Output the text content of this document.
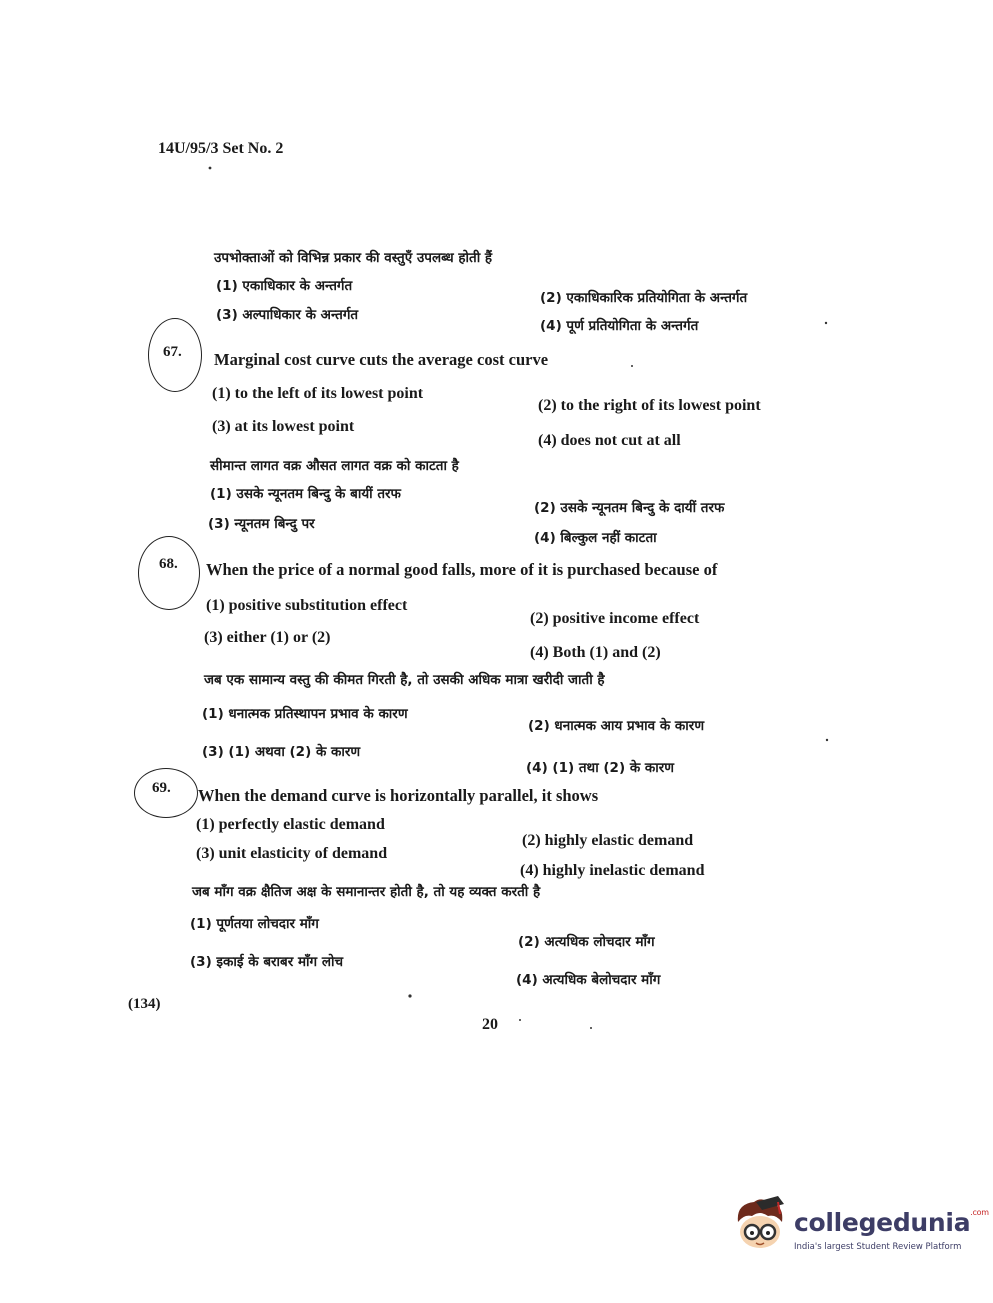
14U/95/3 Set No. 2
उपभोक्ताओं को विभिन्न प्रकार की वस्तुएँ उपलब्ध होती हैं
(1) एकाधिकार के अन्तर्गत
(2) एकाधिकारिक प्रतियोगिता के अन्तर्गत
(3) अल्पाधिकार के अन्तर्गत
(4) पूर्ण प्रतियोगिता के अन्तर्गत
67. Marginal cost curve cuts the average cost curve
(1) to the left of its lowest point
(2) to the right of its lowest point
(3) at its lowest point
(4) does not cut at all
सीमान्त लागत वक्र औसत लागत वक्र को काटता है
(1) उसके न्यूनतम बिन्दु के बायीं तरफ
(2) उसके न्यूनतम बिन्दु के दायीं तरफ
(3) न्यूनतम बिन्दु पर
(4) बिल्कुल नहीं काटता
68. When the price of a normal good falls, more of it is purchased because of
(1) positive substitution effect
(2) positive income effect
(3) either (1) or (2)
(4) Both (1) and (2)
जब एक सामान्य वस्तु की कीमत गिरती है, तो उसकी अधिक मात्रा खरीदी जाती है
(1) धनात्मक प्रतिस्थापन प्रभाव के कारण
(2) धनात्मक आय प्रभाव के कारण
(3) (1) अथवा (2) के कारण
(4) (1) तथा (2) के कारण
69. When the demand curve is horizontally parallel, it shows
(1) perfectly elastic demand
(2) highly elastic demand
(3) unit elasticity of demand
(4) highly inelastic demand
जब माँग वक्र क्षैतिज अक्ष के समानान्तर होती है, तो यह व्यक्त करती है
(1) पूर्णतया लोचदार माँग
(2) अत्यधिक लोचदार माँग
(3) इकाई के बराबर माँग लोच
(4) अत्यधिक बेलोचदार माँग
(134)
20
collegedunia$^{.com}$
India's largest Student Review Platform
